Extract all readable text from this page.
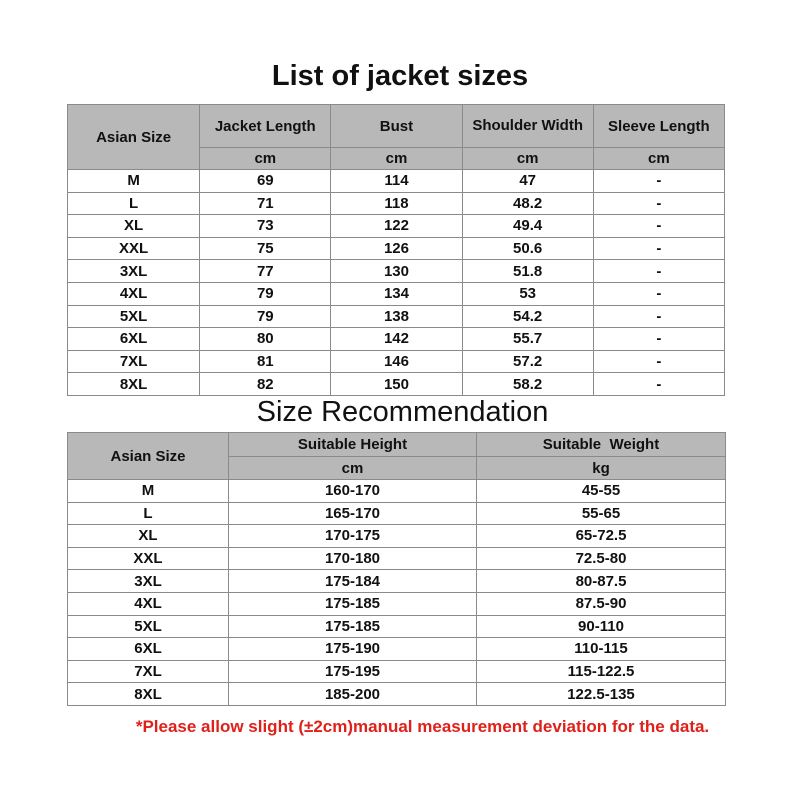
List of jacket sizes
Asian Size	Jacket Length	Bust	Shoulder Width	Sleeve Length
	cm	cm	cm	cm
M	69	114	47	-
L	71	118	48.2	-
XL	73	122	49.4	-
XXL	75	126	50.6	-
3XL	77	130	51.8	-
4XL	79	134	53	-
5XL	79	138	54.2	-
6XL	80	142	55.7	-
7XL	81	146	57.2	-
8XL	82	150	58.2	-
Size Recommendation
Asian Size	Suitable Height	Suitable  Weight
	cm	kg
M	160-170	45-55
L	165-170	55-65
XL	170-175	65-72.5
XXL	170-180	72.5-80
3XL	175-184	80-87.5
4XL	175-185	87.5-90
5XL	175-185	90-110
6XL	175-190	110-115
7XL	175-195	115-122.5
8XL	185-200	122.5-135
*Please allow slight (±2cm)manual measurement deviation for the data.
